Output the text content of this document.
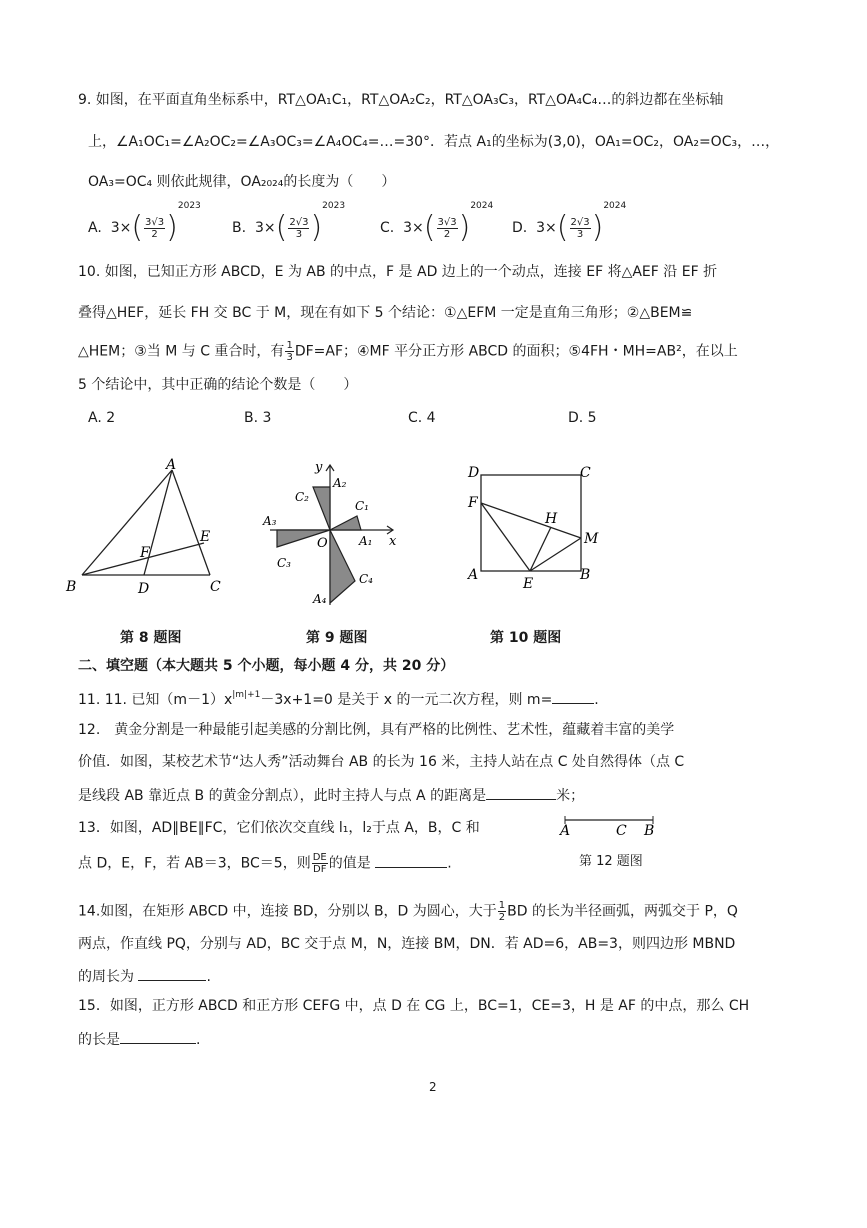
9. 如图，在平面直角坐标系中，RT△OA₁C₁，RT△OA₂C₂，RT△OA₃C₃，RT△OA₄C₄…的斜边都在坐标轴
上，∠A₁OC₁=∠A₂OC₂=∠A₃OC₃=∠A₄OC₄=…=30°．若点 A₁的坐标为(3,0)，OA₁=OC₂，OA₂=OC₃，…，
OA₃=OC₄ 则依此规律，OA₂₀₂₄的长度为（　　）
A. 3× ( $\frac{3√3}{2}$ )
$^{2023}$
B. 3× ( $\frac{2√3}{3}$ )
$^{2023}$
C. 3× ( $\frac{3√3}{2}$ )
$^{2024}$
D. 3× ( $\frac{2√3}{3}$ )
$^{2024}$
10. 如图，已知正方形 ABCD，E 为 AB 的中点，F 是 AD 边上的一个动点，连接 EF 将△AEF 沿 EF 折
叠得△HEF，延长 FH 交 BC 于 M，现在有如下 5 个结论：①△EFM 一定是直角三角形；②△BEM≌
△HEM；③当 M 与 C 重合时，有 $\frac{1}{3} DF=AF$；④MF 平分正方形 ABCD 的面积；⑤4FH・MH=AB²，在以上
5 个结论中，其中正确的结论个数是（　　）
A. 2	B. 3	C. 4	D. 5
A
B	C
D
E
F
y
x
O	A₁
A₂
A₃
A₄
C₁
C₂
C₃
C₄
D	C
F
H
M
A
E
B
第 8 题图	第 9 题图	第 10 题图
二、填空题（本大题共 5 个小题，每小题 4 分，共 20 分）
11. 11. 已知$(m-1)x^{|m|+1}-3x+1=0$ 是关于 x 的一元二次方程，则 m=	.
12.　黄金分割是一种最能引起美感的分割比例，具有严格的比例性、艺术性，蕴藏着丰富的美学
价值．如图，某校艺术节“达人秀”活动舞台 AB 的长为 16 米，主持人站在点 C 处自然得体（点 C
是线段 AB 靠近点 B 的黄金分割点），此时主持人与点 A 的距离是	米；
13．如图，AD∥BE∥FC，它们依次交直线 l₁，l₂于点 A，B，C 和
点 D，E，F，若 AB＝3，BC＝5，则 $\frac{DE}{DF}$ 的值是	.
A	C B
第 12 题图
14.如图，在矩形 ABCD 中，连接 BD，分别以 B，D 为圆心，大于 $\frac{1}{2}$ BD 的长为半径画弧，两弧交于 P，Q
两点，作直线 PQ，分别与 AD，BC 交于点 M，N，连接 BM，DN．若 AD=6，AB=3，则四边形 MBND
的周长为	.
15．如图，正方形 ABCD 和正方形 CEFG 中，点 D 在 CG 上，BC=1，CE=3，H 是 AF 的中点，那么 CH
的长是	.
2
